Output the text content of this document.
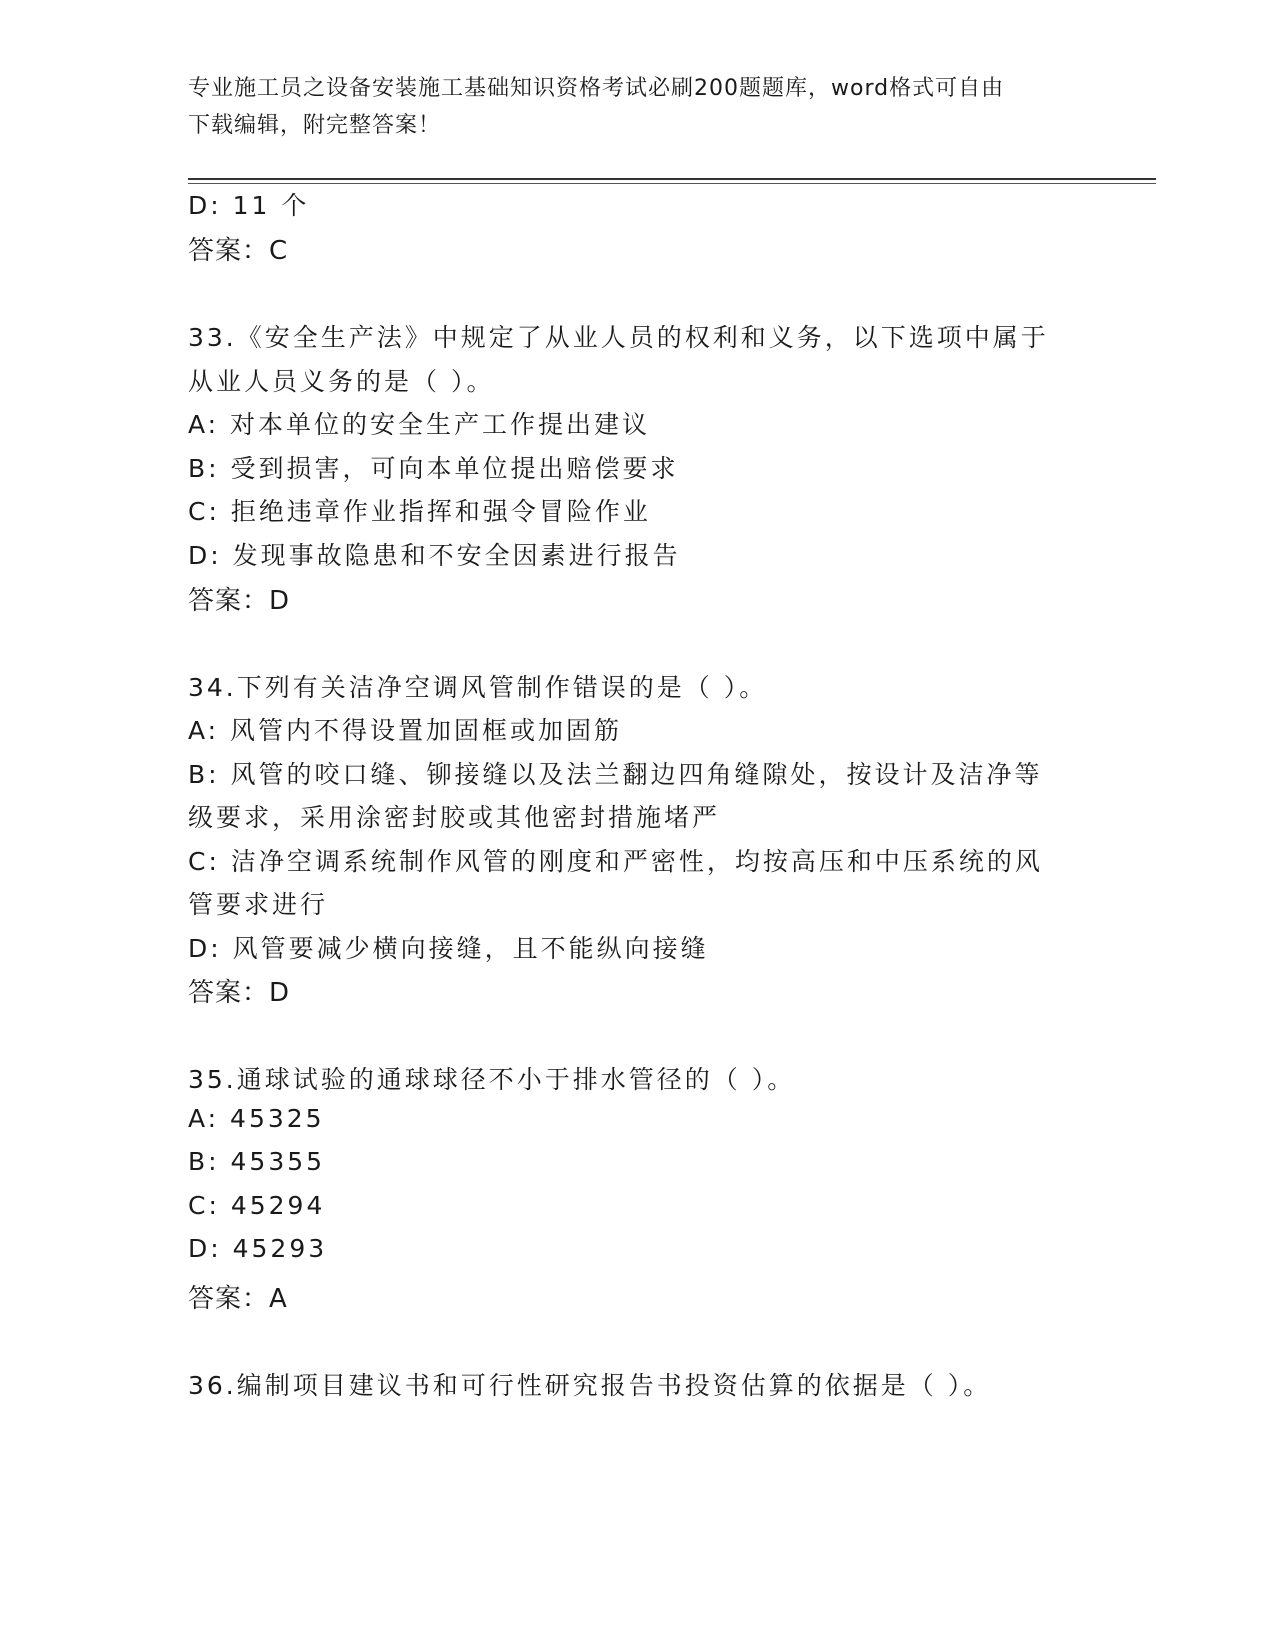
专业施工员之设备安装施工基础知识资格考试必刷200题题库，word格式可自由
下载编辑，附完整答案！
D: 11 个
答案：C
33.《安全生产法》中规定了从业人员的权利和义务，以下选项中属于
从业人员义务的是（ ）。
A: 对本单位的安全生产工作提出建议
B: 受到损害，可向本单位提出赔偿要求
C: 拒绝违章作业指挥和强令冒险作业
D: 发现事故隐患和不安全因素进行报告
答案：D
34.下列有关洁净空调风管制作错误的是（ ）。
A: 风管内不得设置加固框或加固筋
B: 风管的咬口缝、铆接缝以及法兰翻边四角缝隙处，按设计及洁净等
级要求，采用涂密封胶或其他密封措施堵严
C: 洁净空调系统制作风管的刚度和严密性，均按高压和中压系统的风
管要求进行
D: 风管要减少横向接缝，且不能纵向接缝
答案：D
35.通球试验的通球球径不小于排水管径的（ ）。
A: 45325
B: 45355
C: 45294
D: 45293
答案：A
36.编制项目建议书和可行性研究报告书投资估算的依据是（ ）。
